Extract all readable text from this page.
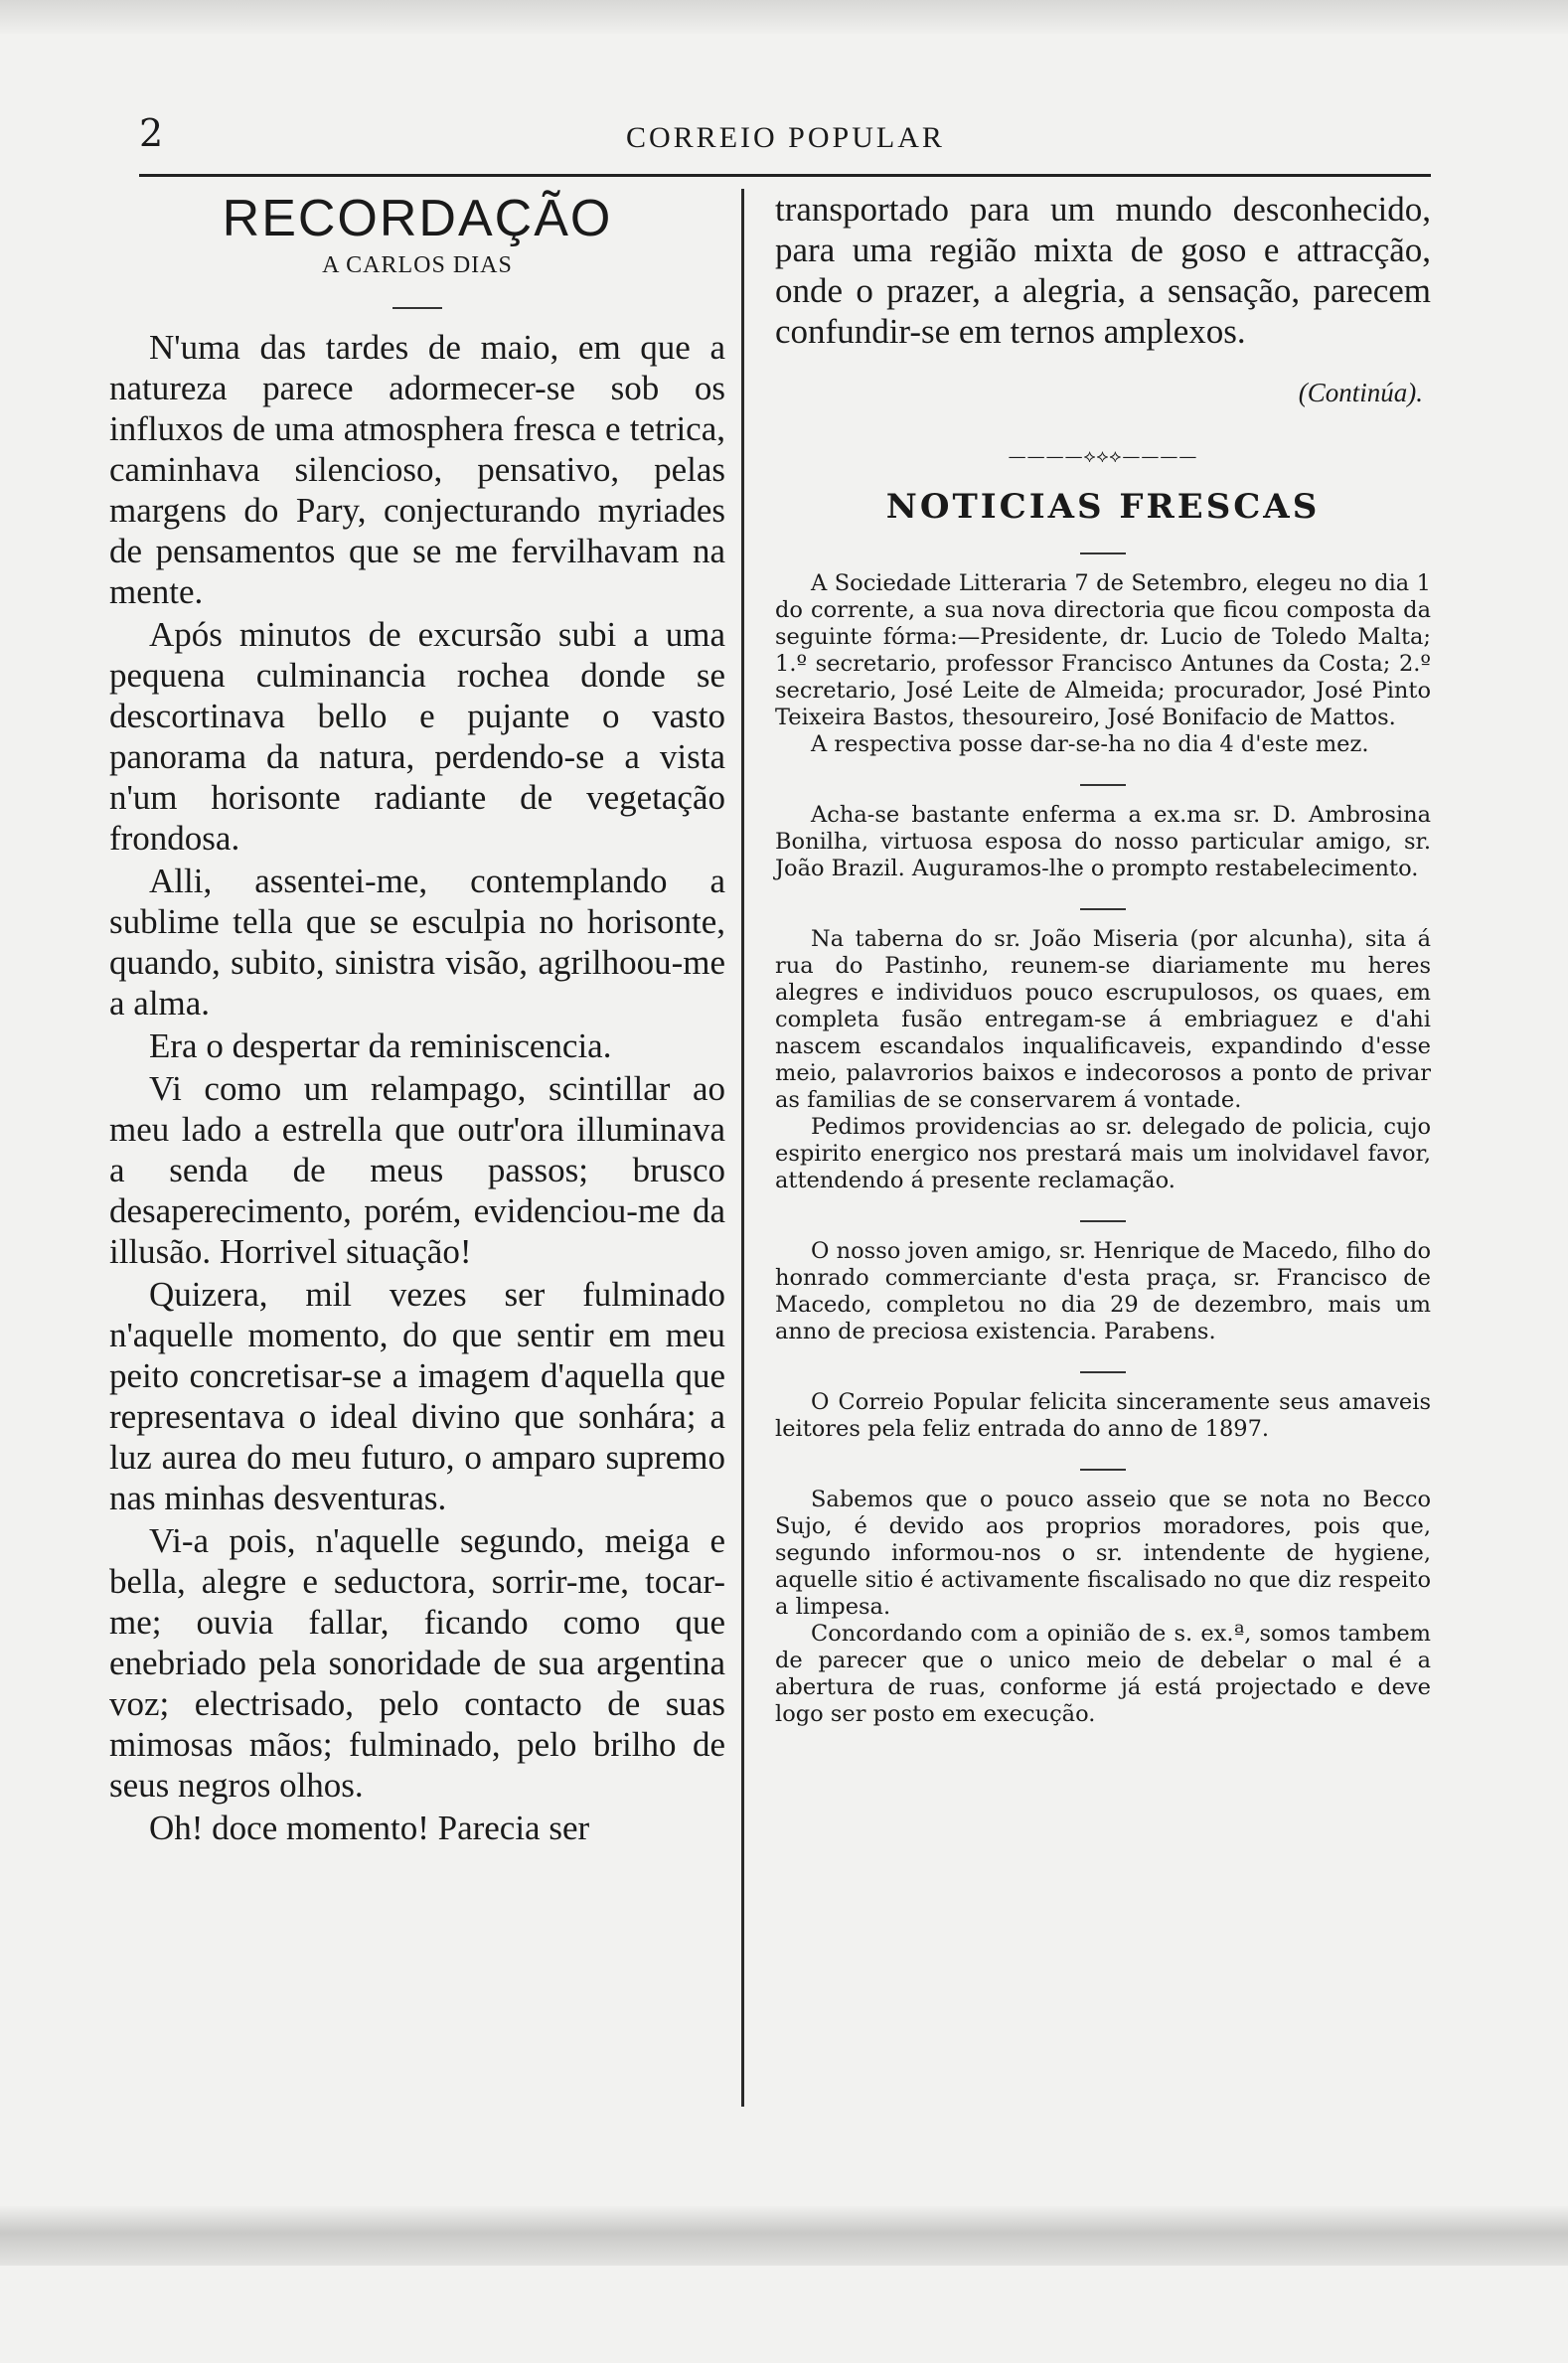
2	CORREIO POPULAR
RECORDAÇÃO
A CARLOS DIAS

N'uma das tardes de maio, em que a natureza parece adormecer-se sob os influxos de uma atmosphera fresca e tetrica, caminhava silencioso, pensativo, pelas margens do Pary, conjecturando myriades de pensamentos que se me fervilhavam na mente.

Após minutos de excursão subi a uma pequena culminancia rochea donde se descortinava bello e pujante o vasto panorama da natura, perdendo-se a vista n'um horisonte radiante de vegetação frondosa.

Alli, assentei-me, contemplando a sublime tella que se esculpia no horisonte, quando, subito, sinistra visão, agrilhoou-me a alma.

Era o despertar da reminiscencia.

Vi como um relampago, scintillar ao meu lado a estrella que outr'ora illuminava a senda de meus passos; brusco desaperecimento, porém, evidenciou-me da illusão. Horrivel situação!

Quizera, mil vezes ser fulminado n'aquelle momento, do que sentir em meu peito concretisar-se a imagem d'aquella que representava o ideal divino que sonhára; a luz aurea do meu futuro, o amparo supremo nas minhas desventuras.

Vi-a pois, n'aquelle segundo, meiga e bella, alegre e seductora, sorrir-me, tocar-me; ouvia fallar, ficando como que enebriado pela sonoridade de sua argentina voz; electrisado, pelo contacto de suas mimosas mãos; fulminado, pelo brilho de seus negros olhos.

Oh! doce momento! Parecia ser

transportado para um mundo desconhecido, para uma região mixta de goso e attracção, onde o prazer, a alegria, a sensação, parecem confundir-se em ternos amplexos.

(Continúa).
————⟡⟡⟡————
NOTICIAS FRESCAS

A Sociedade Litteraria 7 de Setembro, elegeu no dia 1 do corrente, a sua nova directoria que ficou composta da seguinte fórma:—Presidente, dr. Lucio de Toledo Malta; 1.º secretario, professor Francisco Antunes da Costa; 2.º secretario, José Leite de Almeida; procurador, José Pinto Teixeira Bastos, thesoureiro, José Bonifacio de Mattos.

A respectiva posse dar-se-ha no dia 4 d'este mez.

Acha-se bastante enferma a ex.ma sr. D. Ambrosina Bonilha, virtuosa esposa do nosso particular amigo, sr. João Brazil. Auguramos-lhe o prompto restabelecimento.

Na taberna do sr. João Miseria (por alcunha), sita á rua do Pastinho, reunem-se diariamente mu heres alegres e individuos pouco escrupulosos, os quaes, em completa fusão entregam-se á embriaguez e d'ahi nascem escandalos inqualificaveis, expandindo d'esse meio, palavrorios baixos e indecorosos a ponto de privar as familias de se conservarem á vontade.

Pedimos providencias ao sr. delegado de policia, cujo espirito energico nos prestará mais um inolvidavel favor, attendendo á presente reclamação.

O nosso joven amigo, sr. Henrique de Macedo, filho do honrado commerciante d'esta praça, sr. Francisco de Macedo, completou no dia 29 de dezembro, mais um anno de preciosa existencia. Parabens.

O Correio Popular felicita sinceramente seus amaveis leitores pela feliz entrada do anno de 1897.

Sabemos que o pouco asseio que se nota no Becco Sujo, é devido aos proprios moradores, pois que, segundo informou-nos o sr. intendente de hygiene, aquelle sitio é activamente fiscalisado no que diz respeito a limpesa.

Concordando com a opinião de s. ex.ª, somos tambem de parecer que o unico meio de debelar o mal é a abertura de ruas, conforme já está projectado e deve logo ser posto em execução.
